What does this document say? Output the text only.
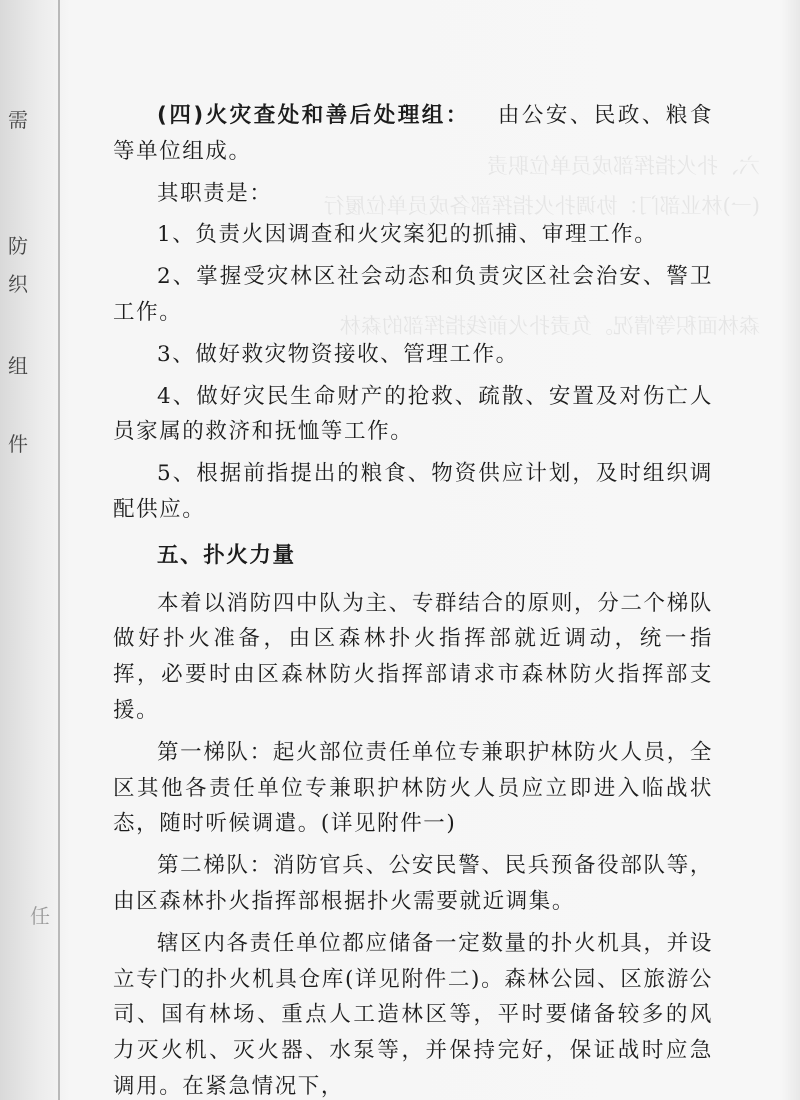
需
防
织
组
件
任
六、扑火指挥部成员单位职责
(一)林业部门：协调扑火指挥部各成员单位履行
森林面积等情况。负责扑火前线指挥部的森林

(四)火灾查处和善后处理组： 由公安、民政、粮食等单位组成。

其职责是：

1、负责火因调查和火灾案犯的抓捕、审理工作。

2、掌握受灾林区社会动态和负责灾区社会治安、警卫工作。

3、做好救灾物资接收、管理工作。

4、做好灾民生命财产的抢救、疏散、安置及对伤亡人员家属的救济和抚恤等工作。

5、根据前指提出的粮食、物资供应计划，及时组织调配供应。

五、扑火力量

本着以消防四中队为主、专群结合的原则，分二个梯队做好扑火准备，由区森林扑火指挥部就近调动，统一指挥，必要时由区森林防火指挥部请求市森林防火指挥部支援。

第一梯队：起火部位责任单位专兼职护林防火人员，全区其他各责任单位专兼职护林防火人员应立即进入临战状态，随时听候调遣。(详见附件一)

第二梯队：消防官兵、公安民警、民兵预备役部队等，由区森林扑火指挥部根据扑火需要就近调集。

辖区内各责任单位都应储备一定数量的扑火机具，并设立专门的扑火机具仓库(详见附件二)。森林公园、区旅游公司、国有林场、重点人工造林区等，平时要储备较多的风力灭火机、灭火器、水泵等，并保持完好，保证战时应急调用。在紧急情况下，
